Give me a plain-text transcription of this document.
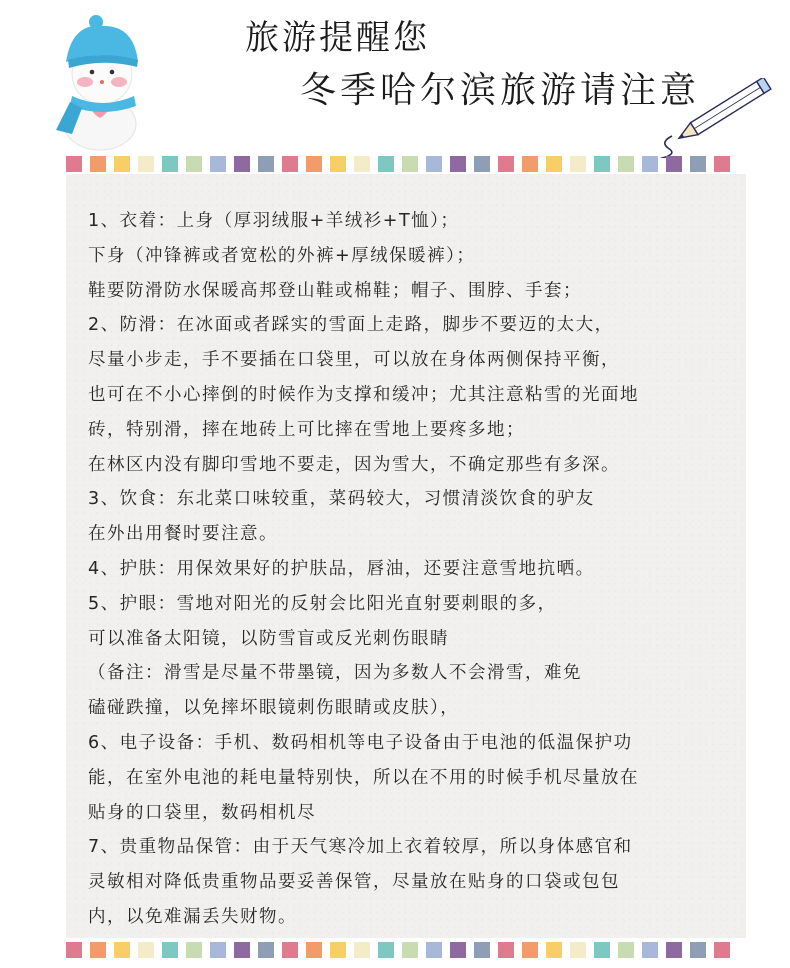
旅游提醒您
冬季哈尔滨旅游请注意
1、衣着：上身（厚羽绒服+羊绒衫+T恤）；
下身（冲锋裤或者宽松的外裤+厚绒保暖裤）；
鞋要防滑防水保暖高邦登山鞋或棉鞋；帽子、围脖、手套；
2、防滑：在冰面或者踩实的雪面上走路，脚步不要迈的太大，
尽量小步走，手不要插在口袋里，可以放在身体两侧保持平衡，
也可在不小心摔倒的时候作为支撑和缓冲；尤其注意粘雪的光面地
砖，特别滑，摔在地砖上可比摔在雪地上要疼多地；
在林区内没有脚印雪地不要走，因为雪大，不确定那些有多深。
3、饮食：东北菜口味较重，菜码较大，习惯清淡饮食的驴友
在外出用餐时要注意。
4、护肤：用保效果好的护肤品，唇油，还要注意雪地抗晒。
5、护眼：雪地对阳光的反射会比阳光直射要刺眼的多，
可以准备太阳镜，以防雪盲或反光刺伤眼睛
（备注：滑雪是尽量不带墨镜，因为多数人不会滑雪，难免
磕碰跌撞，以免摔坏眼镜刺伤眼睛或皮肤），
6、电子设备：手机、数码相机等电子设备由于电池的低温保护功
能，在室外电池的耗电量特别快，所以在不用的时候手机尽量放在
贴身的口袋里，数码相机尽
7、贵重物品保管：由于天气寒冷加上衣着较厚，所以身体感官和
灵敏相对降低贵重物品要妥善保管，尽量放在贴身的口袋或包包
内，以免难漏丢失财物。
